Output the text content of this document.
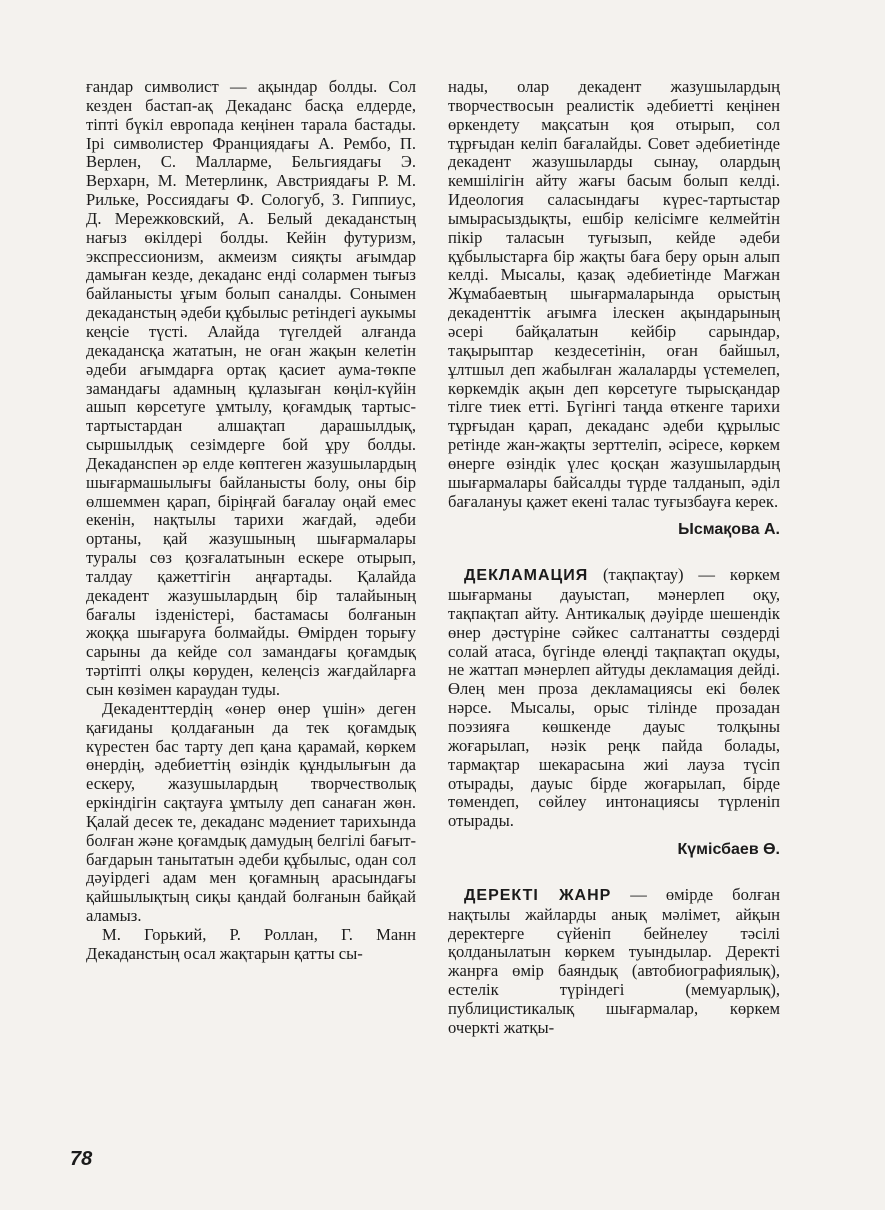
ғандар символист — ақындар болды. Сол кезден бастап-ақ Декаданс басқа елдерде, тіпті бүкіл европада кеңінен тарала бастады. Ірі символистер Франциядағы А. Рембо, П. Верлен, С. Малларме, Бельгиядағы Э. Верхарн, М. Метерлинк, Австриядағы Р. М. Рильке, Россиядағы Ф. Сологуб, З. Гиппиус, Д. Мережковский, А. Белый декаданстың нағыз өкілдері болды. Кейін футуризм, экспрессионизм, акмеизм сияқты ағымдар дамыған кезде, декаданс енді солармен тығыз байланысты ұғым болып саналды. Сонымен декаданстың әдеби құбылыс ретіндегі аукымы кеңсіе түсті. Алайда түгелдей алғанда декадансқа жататын, не оған жақын келетін әдеби ағымдарға ортақ қасиет аума-төкпе замандағы адамның құлазыған көңіл-күйін ашып көрсетуге ұмтылу, қоғамдық тартыс-тартыстардан алшақтап дарашылдық, сыршылдық сезімдерге бой ұру болды. Декаданспен әр елде көптеген жазушылардың шығармашылығы байланысты болу, оны бір өлшеммен қарап, біріңғай бағалау оңай емес екенін, нақтылы тарихи жағдай, әдеби ортаны, қай жазушының шығармалары туралы сөз қозғалатынын ескере отырып, талдау қажеттігін аңғартады. Қалайда декадент жазушылардың бір талайының бағалы ізденістері, бастамасы болғанын жоққа шығаруға болмайды. Өмірден торығу сарыны да кейде сол замандағы қоғамдық тәртіпті олқы көруден, келеңсіз жағдайларға сын көзімен караудан туды.

Декаденттердің «өнер өнер үшін» деген қағиданы қолдағанын да тек қоғамдық күрестен бас тарту деп қана қарамай, көркем өнердің, әдебиеттің өзіндік құндылығын да ескеру, жазушылардың творчестволық еркіндігін сақтауға ұмтылу деп санаған жөн. Қалай десек те, декаданс мәдениет тарихында болған және қоғамдық дамудың белгілі бағыт-бағдарын танытатын әдеби құбылыс, одан сол дәуірдегі адам мен қоғамның арасындағы қайшылықтың сиқы қандай болғанын байқай аламыз.

М. Горький, Р. Роллан, Г. Манн Декаданстың осал жақтарын қатты сы-

нады, олар декадент жазушылардың творчествосын реалистік әдебиетті кеңінен өркендету мақсатын қоя отырып, сол тұрғыдан келіп бағалайды. Совет әдебиетінде декадент жазушыларды сынау, олардың кемшілігін айту жағы басым болып келді. Идеология саласындағы күрес-тартыстар ымырасыздықты, ешбір келісімге келмейтін пікір таласын туғызып, кейде әдеби құбылыстарға бір жақты баға беру орын алып келді. Мысалы, қазақ әдебиетінде Мағжан Жұмабаевтың шығармаларында орыстың декаденттік ағымға ілескен ақындарының әсері байқалатын кейбір сарындар, тақырыптар кездесетінін, оған байшыл, ұлтшыл деп жабылған жалаларды үстемелеп, көркемдік ақын деп көрсетуге тырысқандар тілге тиек етті. Бүгінгі таңда өткенге тарихи тұрғыдан қарап, декаданс әдеби құрылыс ретінде жан-жақты зерттеліп, әсіресе, көркем өнерге өзіндік үлес қосқан жазушылардың шығармалары байсалды түрде талданып, әділ бағалануы қажет екені талас туғызбауға керек.

Ысмақова А.

ДЕКЛАМАЦИЯ (тақпақтау) — көркем шығарманы дауыстап, мәнерлеп оқу, тақпақтап айту. Антикалық дәуірде шешендік өнер дәстүріне сәйкес салтанатты сөздерді солай атаса, бүгінде өлеңді тақпақтап оқуды, не жаттап мәнерлеп айтуды декламация дейді. Өлең мен проза декламациясы екі бөлек нәрсе. Мысалы, орыс тілінде прозадан поэзияға көшкенде дауыс толқыны жоғарылап, нәзік реңк пайда болады, тармақтар шекарасына жиі лауза түсіп отырады, дауыс бірде жоғарылап, бірде төмендеп, сөйлеу интонациясы түрленіп отырады.

Күмісбаев Ө.

ДЕРЕКТІ ЖАНР — өмірде болған нақтылы жайларды анық мәлімет, айқын деректерге сүйеніп бейнелеу тәсілі қолданылатын көркем туындылар. Деректі жанрға өмір баяндық (автобиографиялық), естелік түріндегі (мемуарлық), публицистикалық шығармалар, көркем очеркті жатқы-

78
